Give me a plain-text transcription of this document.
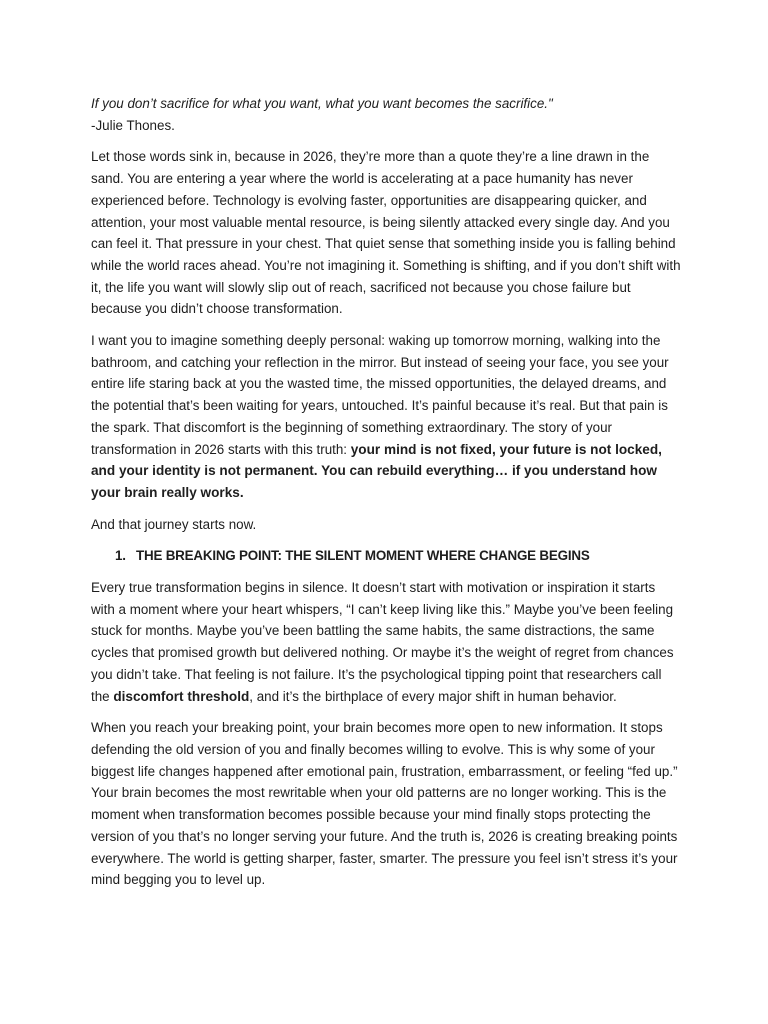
If you don’t sacrifice for what you want, what you want becomes the sacrifice."

-Julie Thones.

Let those words sink in, because in 2026, they’re more than a quote they’re a line drawn in the sand. You are entering a year where the world is accelerating at a pace humanity has never experienced before. Technology is evolving faster, opportunities are disappearing quicker, and attention, your most valuable mental resource, is being silently attacked every single day. And you can feel it. That pressure in your chest. That quiet sense that something inside you is falling behind while the world races ahead. You’re not imagining it. Something is shifting, and if you don’t shift with it, the life you want will slowly slip out of reach, sacrificed not because you chose failure but because you didn’t choose transformation.

I want you to imagine something deeply personal: waking up tomorrow morning, walking into the bathroom, and catching your reflection in the mirror. But instead of seeing your face, you see your entire life staring back at you the wasted time, the missed opportunities, the delayed dreams, and the potential that’s been waiting for years, untouched. It’s painful because it’s real. But that pain is the spark. That discomfort is the beginning of something extraordinary. The story of your transformation in 2026 starts with this truth: your mind is not fixed, your future is not locked, and your identity is not permanent. You can rebuild everything… if you understand how your brain really works.

And that journey starts now.

1. THE BREAKING POINT: THE SILENT MOMENT WHERE CHANGE BEGINS

Every true transformation begins in silence. It doesn’t start with motivation or inspiration it starts with a moment where your heart whispers, “I can’t keep living like this.” Maybe you’ve been feeling stuck for months. Maybe you’ve been battling the same habits, the same distractions, the same cycles that promised growth but delivered nothing. Or maybe it’s the weight of regret from chances you didn’t take. That feeling is not failure. It’s the psychological tipping point that researchers call the discomfort threshold, and it’s the birthplace of every major shift in human behavior.

When you reach your breaking point, your brain becomes more open to new information. It stops defending the old version of you and finally becomes willing to evolve. This is why some of your biggest life changes happened after emotional pain, frustration, embarrassment, or feeling “fed up.” Your brain becomes the most rewritable when your old patterns are no longer working. This is the moment when transformation becomes possible because your mind finally stops protecting the version of you that’s no longer serving your future. And the truth is, 2026 is creating breaking points everywhere. The world is getting sharper, faster, smarter. The pressure you feel isn’t stress it’s your mind begging you to level up.
